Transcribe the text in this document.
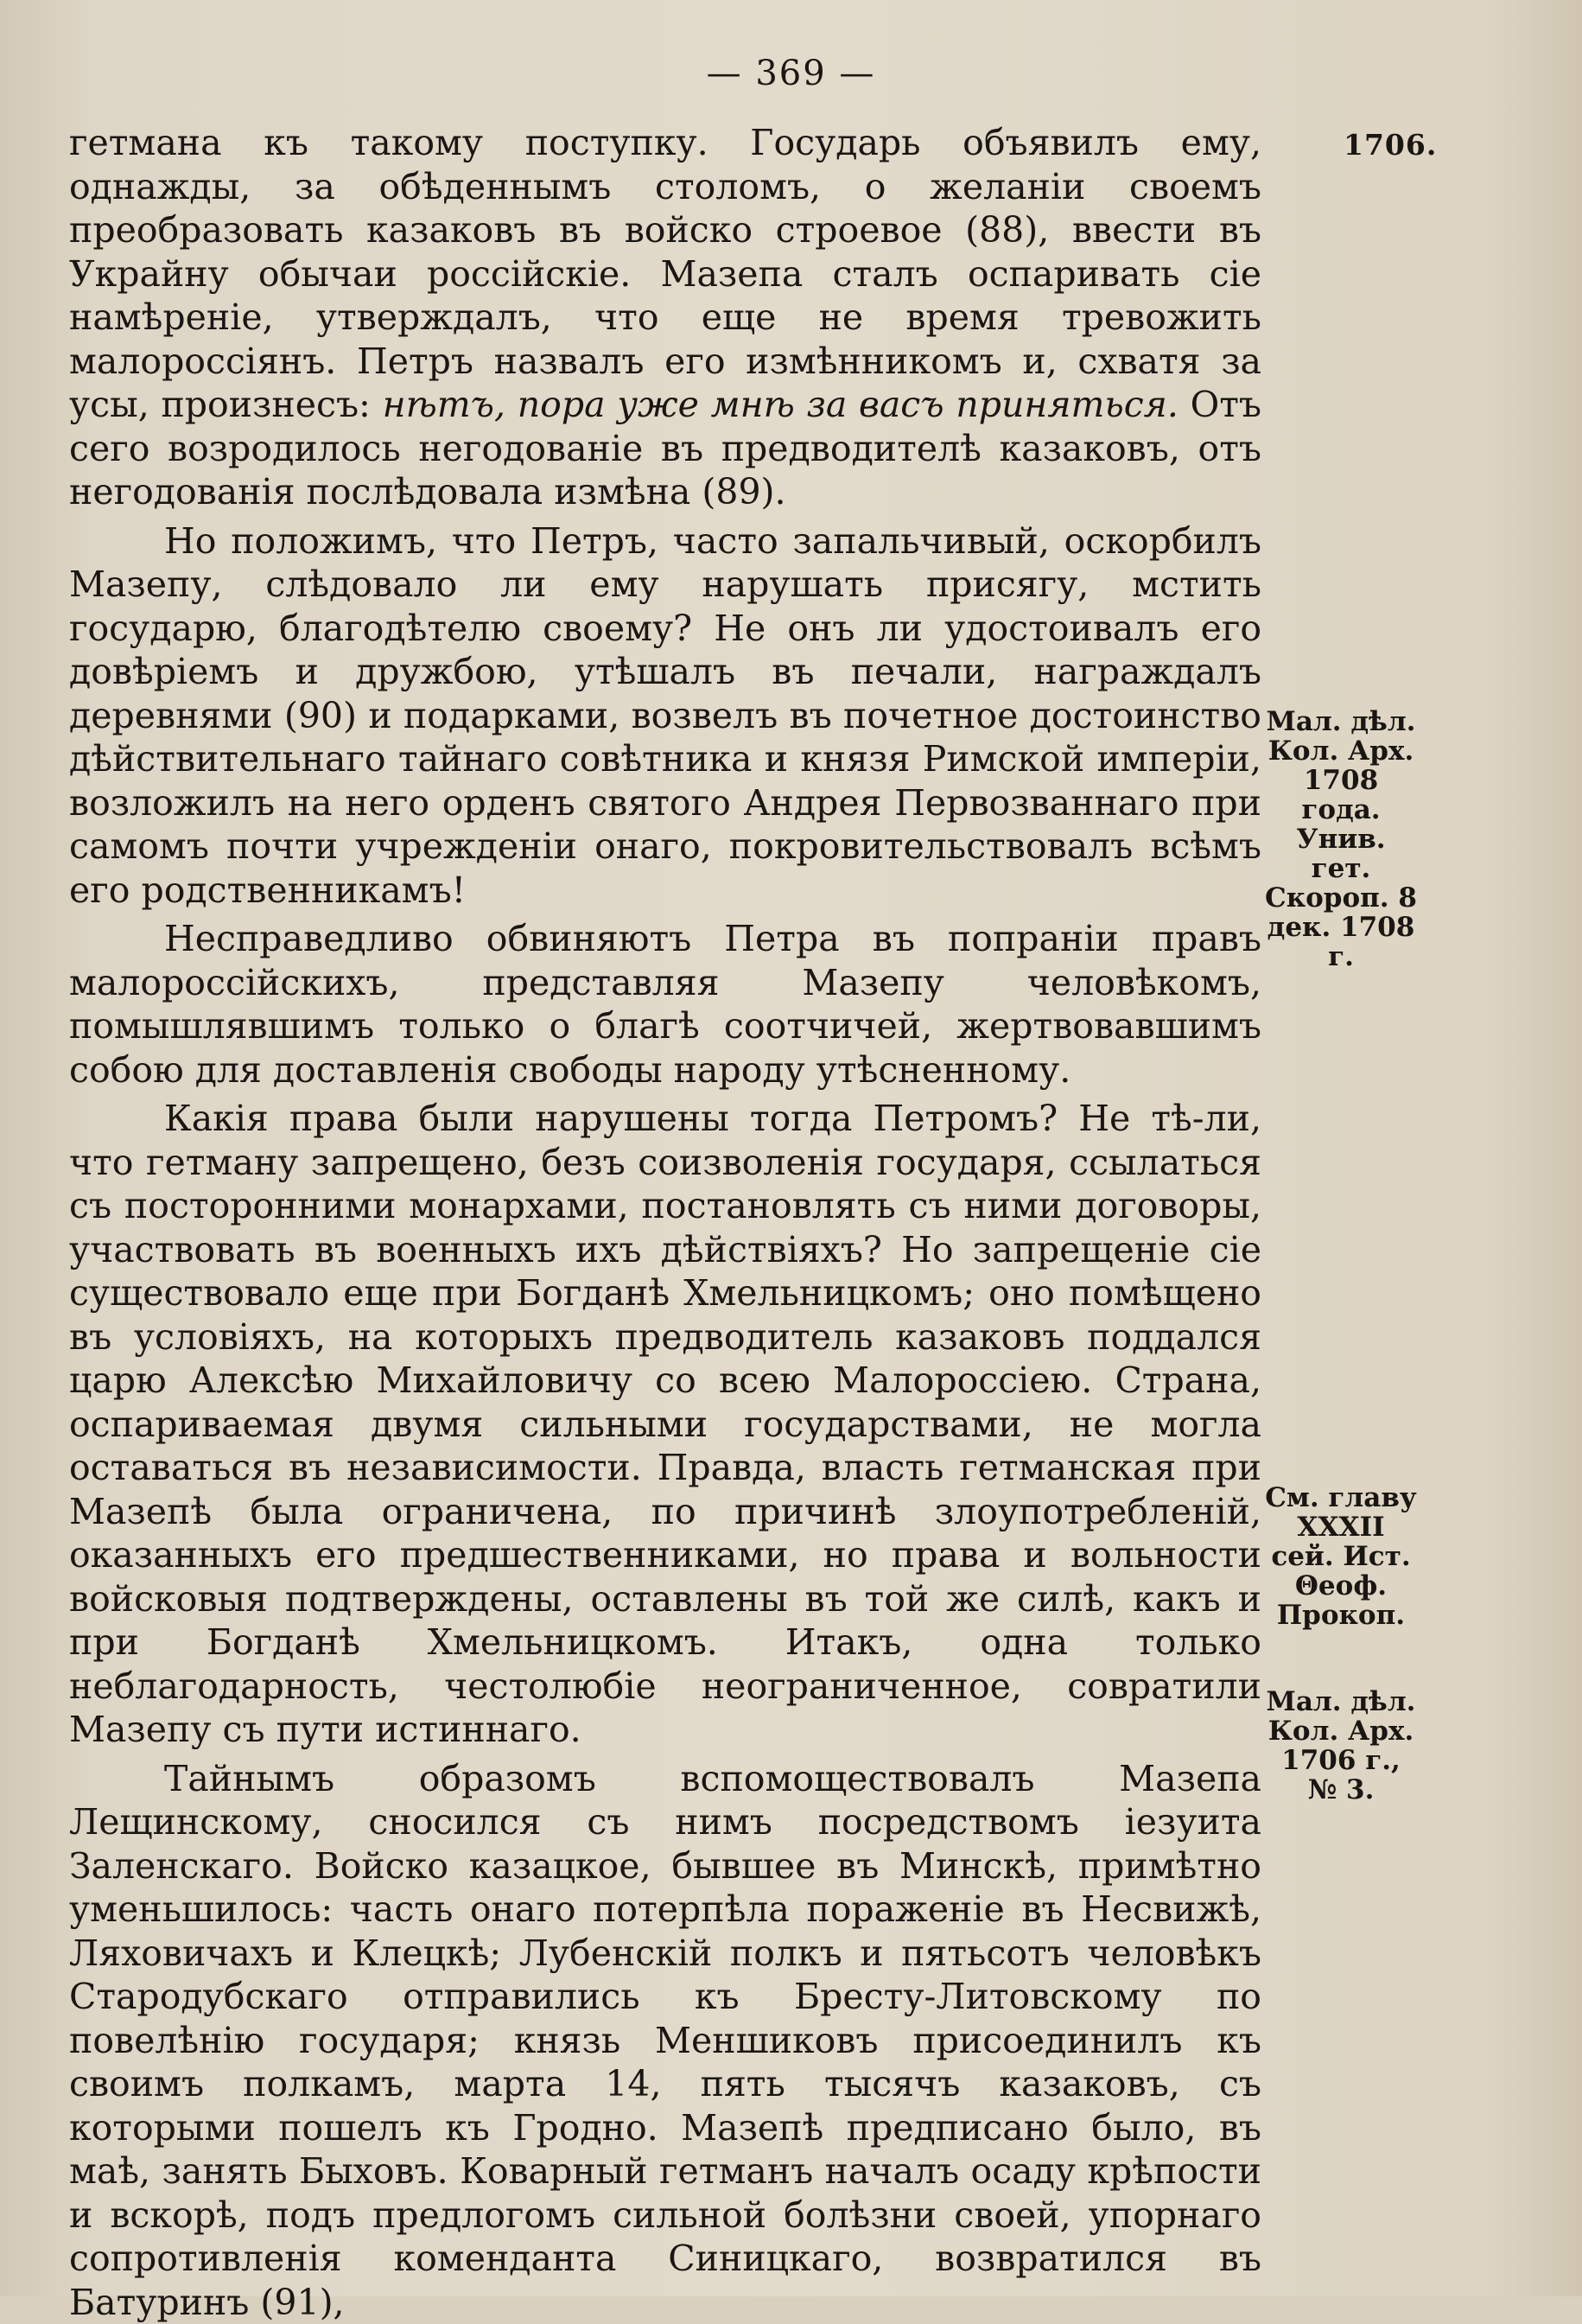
— 369 —
1706.

гетмана къ такому поступку. Государь объявилъ ему, однажды, за обѣденнымъ столомъ, о желанiи своемъ преобразовать казаковъ въ войско строевое (88), ввести въ Украйну обычаи россiйскiе. Мазепа сталъ оспаривать сiе намѣренiе, утверждалъ, что еще не время тревожить малороссiянъ. Петръ назвалъ его измѣнникомъ и, схватя за усы, произнесъ: нѣтъ, пора уже мнѣ за васъ приняться. Отъ сего возродилось негодованiе въ предводителѣ казаковъ, отъ негодованiя послѣдовала измѣна (89).

Но положимъ, что Петръ, часто запальчивый, оскорбилъ Мазепу, слѣдовало ли ему нарушать присягу, мстить государю, благодѣтелю своему? Не онъ ли удостоивалъ его довѣрiемъ и дружбою, утѣшалъ въ печали, награждалъ деревнями (90) и подарками, возвелъ въ почетное достоинство дѣйствительнаго тайнаго совѣтника и князя Римской имперiи, возложилъ на него орденъ святого Андрея Первозваннаго при самомъ почти учрежденiи онаго, покровительствовалъ всѣмъ его родственникамъ!

Несправедливо обвиняютъ Петра въ попранiи правъ малороссiйскихъ, представляя Мазепу человѣкомъ, помышлявшимъ только о благѣ соотчичей, жертвовавшимъ собою для доставленiя свободы народу утѣсненному.

Какiя права были нарушены тогда Петромъ? Не тѣ-ли, что гетману запрещено, безъ соизволенiя государя, ссылаться съ посторонними монархами, постановлять съ ними договоры, участвовать въ военныхъ ихъ дѣйствiяхъ? Но запрещенiе сiе существовало еще при Богданѣ Хмельницкомъ; оно помѣщено въ условiяхъ, на которыхъ предводитель казаковъ поддался царю Алексѣю Михайловичу со всею Малороссiею. Страна, оспариваемая двумя сильными государствами, не могла оставаться въ независимости. Правда, власть гетманская при Мазепѣ была ограничена, по причинѣ злоупотребленiй, оказанныхъ его предшественниками, но права и вольности войсковыя подтверждены, оставлены въ той же силѣ, какъ и при Богданѣ Хмельницкомъ. Итакъ, одна только неблагодарность, честолюбiе неограниченное, совратили Мазепу съ пути истиннаго.

Тайнымъ образомъ вспомоществовалъ Мазепа Лещинскому, сносился съ нимъ посредствомъ iезуита Заленскаго. Войско казацкое, бывшее въ Минскѣ, примѣтно уменьшилось: часть онаго потерпѣла пораженiе въ Несвижѣ, Ляховичахъ и Клецкѣ; Лубенскiй полкъ и пятьсотъ человѣкъ Стародубскаго отправились къ Бресту-Литовскому по повелѣнiю государя; князь Меншиковъ присоединилъ къ своимъ полкамъ, марта 14, пять тысячъ казаковъ, съ которыми пошелъ къ Гродно. Мазепѣ предписано было, въ маѣ, занять Быховъ. Коварный гетманъ началъ осаду крѣпости и вскорѣ, подъ предлогомъ сильной болѣзни своей, упорнаго сопротивленiя коменданта Синицкаго, возвратился въ Батуринъ (91),

Мал. дѣл. Кол. Арх. 1708 года. Унив. гет. Скороп. 8 дек. 1708 г.
См. главу XXXII сей. Ист. Θеоф. Прокоп.
Мал. дѣл. Кол. Арх. 1706 г., № 3.
